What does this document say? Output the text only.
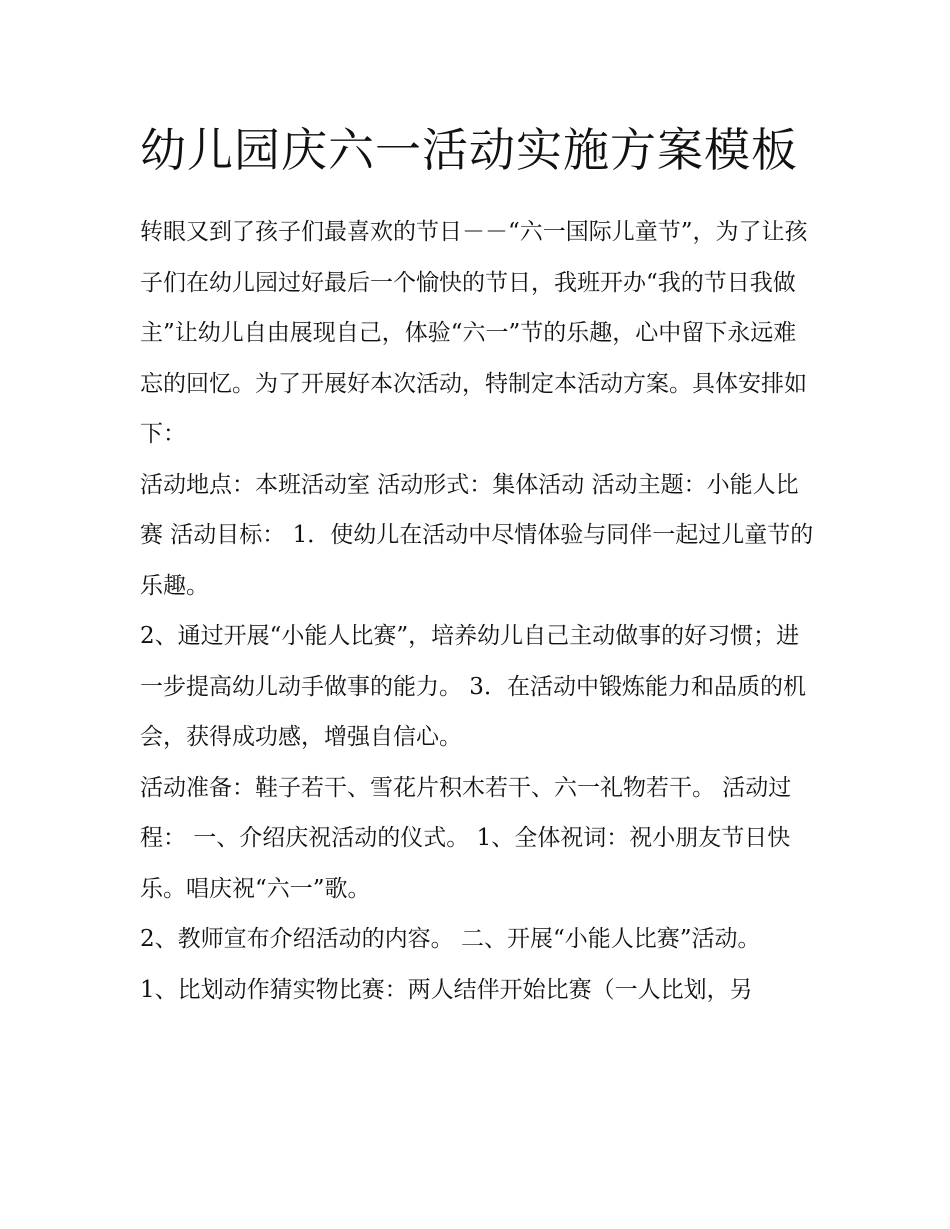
幼儿园庆六一活动实施方案模板

转眼又到了孩子们最喜欢的节日－－“六一国际儿童节”，为了让孩子们在幼儿园过好最后一个愉快的节日，我班开办“我的节日我做主”让幼儿自由展现自己，体验“六一”节的乐趣，心中留下永远难忘的回忆。为了开展好本次活动，特制定本活动方案。具体安排如下：

活动地点：本班活动室 活动形式：集体活动 活动主题：小能人比赛 活动目标： 1．使幼儿在活动中尽情体验与同伴一起过儿童节的乐趣。

2、通过开展“小能人比赛”，培养幼儿自己主动做事的好习惯；进一步提高幼儿动手做事的能力。 3．在活动中锻炼能力和品质的机会，获得成功感，增强自信心。

活动准备：鞋子若干、雪花片积木若干、六一礼物若干。 活动过程： 一、介绍庆祝活动的仪式。 1、全体祝词：祝小朋友节日快乐。唱庆祝“六一”歌。

2、教师宣布介绍活动的内容。 二、开展“小能人比赛”活动。

1、比划动作猜实物比赛：两人结伴开始比赛（一人比划，另
